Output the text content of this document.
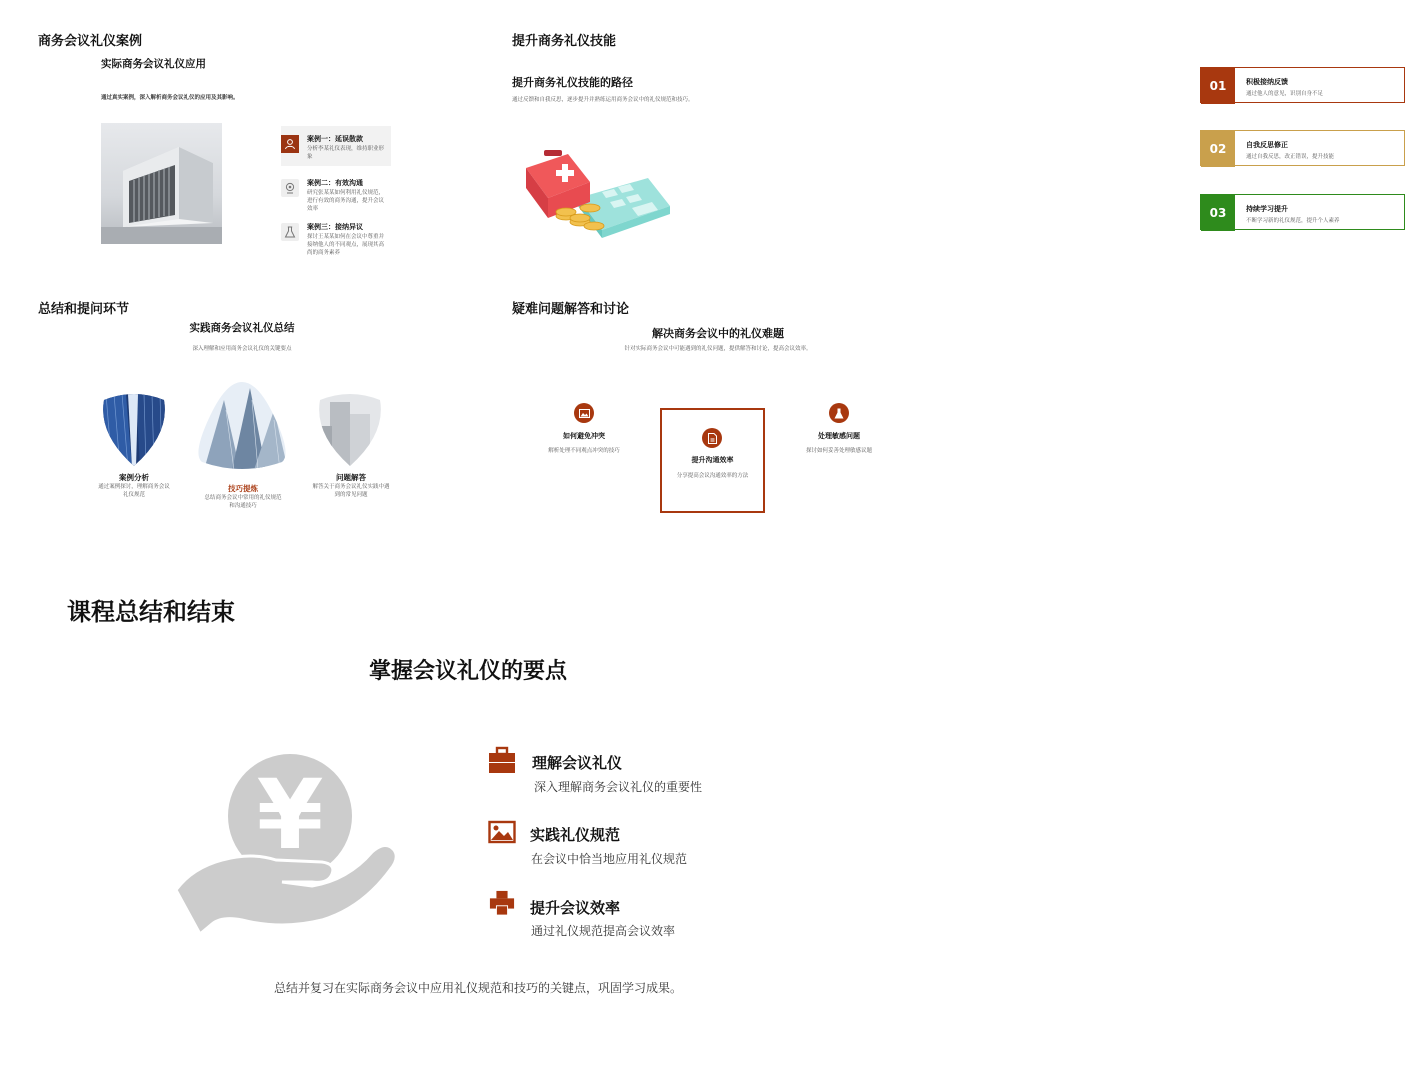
商务会议礼仪案例
实际商务会议礼仪应用
通过真实案例，深入解析商务会议礼仪的应用及其影响。
案例一：延误散款
分析李某礼仪表现，维持职业形象
案例二：有效沟通
研究张某某如何利用礼仪规范，进行有效的商务沟通，提升会议效率
案例三：接纳异议
探讨王某某如何在会议中尊重并接纳他人的不同观点，展现其高尚的商务素养
提升商务礼仪技能
提升商务礼仪技能的路径
通过反馈和自我反思，逐步提升并熟练运用商务会议中的礼仪规范和技巧。
01	积极接纳反馈
通过他人的意见，识别自身不足
02	自我反思修正
通过自我反思，改正错误，提升技能
03	持续学习提升
不断学习新的礼仪规范，提升个人素养
总结和提问环节
实践商务会议礼仪总结
深入理解和应用商务会议礼仪的关键要点
案例分析
通过案例探讨，理解商务会议礼仪规范
技巧提炼
总结商务会议中常用的礼仪规范和沟通技巧
问题解答
解答关于商务会议礼仪实践中遇到的常见问题
疑难问题解答和讨论
解决商务会议中的礼仪难题
针对实际商务会议中可能遇到的礼仪问题，提供解答和讨论，提高会议效率。
如何避免冲突
解析处理不同观点冲突的技巧
提升沟通效率
分享提高会议沟通效率的方法
处理敏感问题
探讨如何妥善处理敏感议题
课程总结和结束
掌握会议礼仪的要点
¥	理解会议礼仪
深入理解商务会议礼仪的重要性
实践礼仪规范
在会议中恰当地应用礼仪规范
提升会议效率
通过礼仪规范提高会议效率
总结并复习在实际商务会议中应用礼仪规范和技巧的关键点，巩固学习成果。
